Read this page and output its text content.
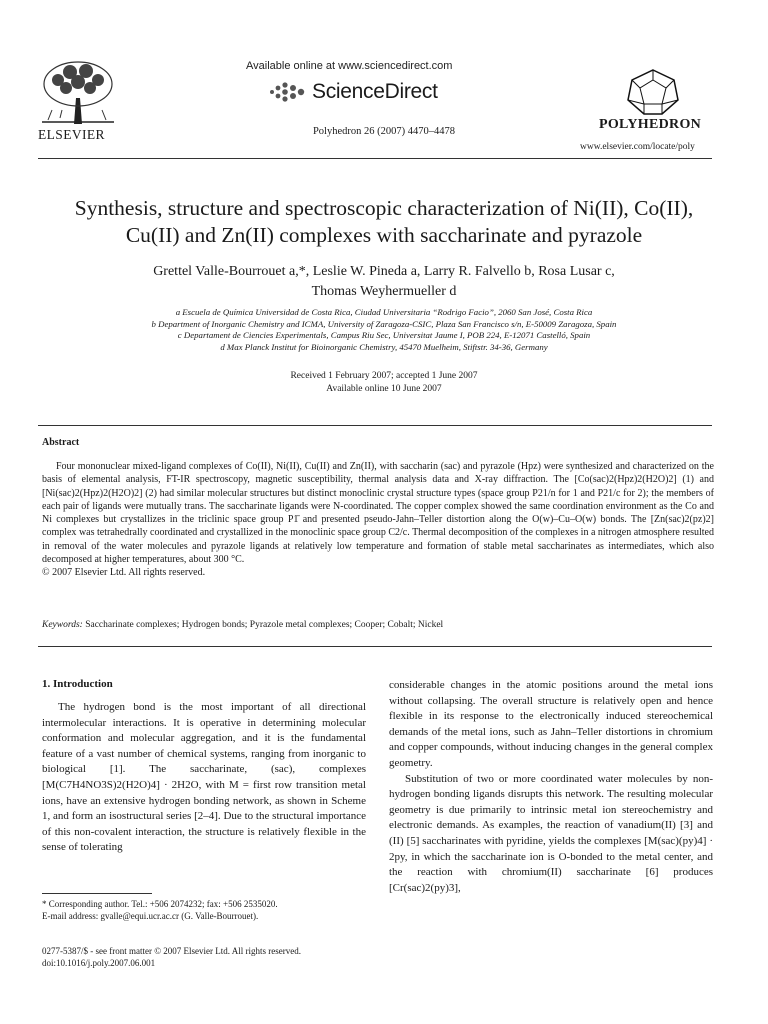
ELSEVIER
Available online at www.sciencedirect.com
ScienceDirect
Polyhedron 26 (2007) 4470–4478	POLYHEDRON
www.elsevier.com/locate/poly
Synthesis, structure and spectroscopic characterization of Ni(II), Co(II),
Cu(II) and Zn(II) complexes with saccharinate and pyrazole
Grettel Valle-Bourrouet a,*, Leslie W. Pineda a, Larry R. Falvello b, Rosa Lusar c,
Thomas Weyhermueller d
a Escuela de Química Universidad de Costa Rica, Ciudad Universitaria “Rodrigo Facio”, 2060 San José, Costa Rica
b Department of Inorganic Chemistry and ICMA, University of Zaragoza-CSIC, Plaza San Francisco s/n, E-50009 Zaragoza, Spain
c Departament de Ciencies Experimentals, Campus Riu Sec, Universitat Jaume I, POB 224, E-12071 Castelló, Spain
d Max Planck Institut for Bioinorganic Chemistry, 45470 Muelheim, Stiftstr. 34-36, Germany
Received 1 February 2007; accepted 1 June 2007
Available online 10 June 2007
Abstract

Four mononuclear mixed-ligand complexes of Co(II), Ni(II), Cu(II) and Zn(II), with saccharin (sac) and pyrazole (Hpz) were synthesized and characterized on the basis of elemental analysis, FT-IR spectroscopy, magnetic susceptibility, thermal analysis data and X-ray diffraction. The [Co(sac)2(Hpz)2(H2O)2] (1) and [Ni(sac)2(Hpz)2(H2O)2] (2) had similar molecular structures but distinct monoclinic crystal structure types (space group P21/n for 1 and P21/c for 2); the members of each pair of ligands were mutually trans. The saccharinate ligands were N-coordinated. The copper complex showed the same coordination environment as the Co and Ni complexes but crystallizes in the triclinic space group P1̄ and presented pseudo-Jahn–Teller distortion along the O(w)–Cu–O(w) bonds. The [Zn(sac)2(pz)2] complex was tetrahedrally coordinated and crystallized in the monoclinic space group C2/c. Thermal decomposition of the complexes in a nitrogen atmosphere resulted in removal of the water molecules and pyrazole ligands at relatively low temperature and formation of stable metal saccharinates as intermediates, which also decomposed at higher temperatures, about 300 °C.

© 2007 Elsevier Ltd. All rights reserved.

Keywords: Saccharinate complexes; Hydrogen bonds; Pyrazole metal complexes; Cooper; Cobalt; Nickel
1. Introduction

The hydrogen bond is the most important of all directional intermolecular interactions. It is operative in determining molecular conformation and molecular aggregation, and it is the fundamental feature of a vast number of chemical systems, ranging from inorganic to biological [1]. The saccharinate, (sac), complexes [M(C7H4NO3S)2(H2O)4] · 2H2O, with M = first row transition metal ions, have an extensive hydrogen bonding network, as shown in Scheme 1, and form an isostructural series [2–4]. Due to the structural importance of this non-covalent interaction, the structure is relatively flexible in the sense of tolerating

considerable changes in the atomic positions around the metal ions without collapsing. The overall structure is relatively open and hence flexible in its response to the electronically induced stereochemical demands of the metal ions, such as Jahn–Teller distortions in chromium and copper compounds, without inducing changes in the general complex geometry.

Substitution of two or more coordinated water molecules by non-hydrogen bonding ligands disrupts this network. The resulting molecular geometry is due primarily to intrinsic metal ion stereochemistry and electronic demands. As examples, the reaction of vanadium(II) [3] and (II) [5] saccharinates with pyridine, yields the complexes [M(sac)(py)4] · 2py, in which the saccharinate ion is O-bonded to the metal center, and the reaction with chromium(II) saccharinate [6] produces [Cr(sac)2(py)3],

* Corresponding author. Tel.: +506 2074232; fax: +506 2535020.
E-mail address: gvalle@equi.ucr.ac.cr (G. Valle-Bourrouet).
0277-5387/$ - see front matter © 2007 Elsevier Ltd. All rights reserved.
doi:10.1016/j.poly.2007.06.001
